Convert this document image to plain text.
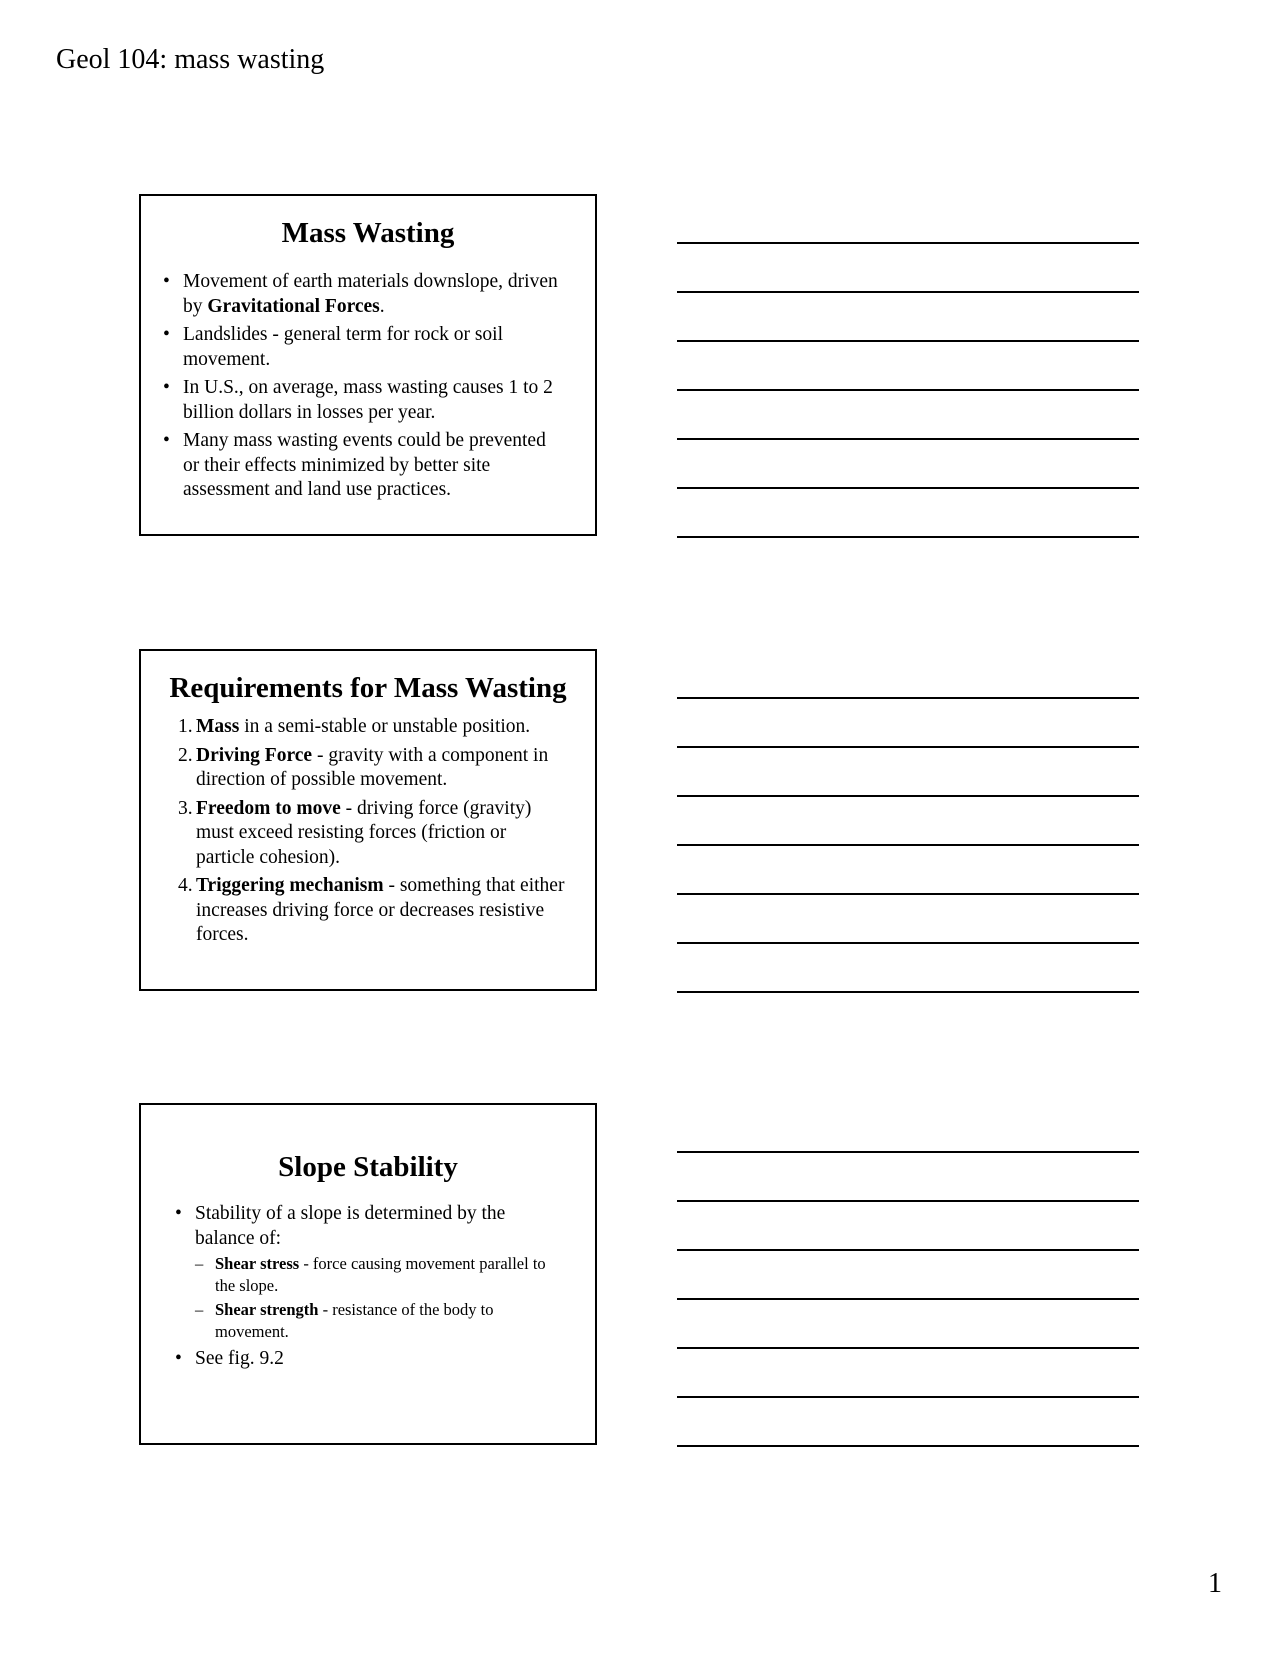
Geol 104: mass wasting
Mass Wasting
• Movement of earth materials downslope, driven by Gravitational Forces.
• Landslides - general term for rock or soil movement.
• In U.S., on average, mass wasting causes 1 to 2 billion dollars in losses per year.
• Many mass wasting events could be prevented or their effects minimized by better site assessment and land use practices.
Requirements for Mass Wasting
1. Mass in a semi-stable or unstable position.
2. Driving Force - gravity with a component in direction of possible movement.
3. Freedom to move - driving force (gravity) must exceed resisting forces (friction or particle cohesion).
4. Triggering mechanism - something that either increases driving force or decreases resistive forces.
Slope Stability
• Stability of a slope is determined by the balance of:
– Shear stress - force causing movement parallel to the slope.
– Shear strength - resistance of the body to movement.
• See fig. 9.2
1
